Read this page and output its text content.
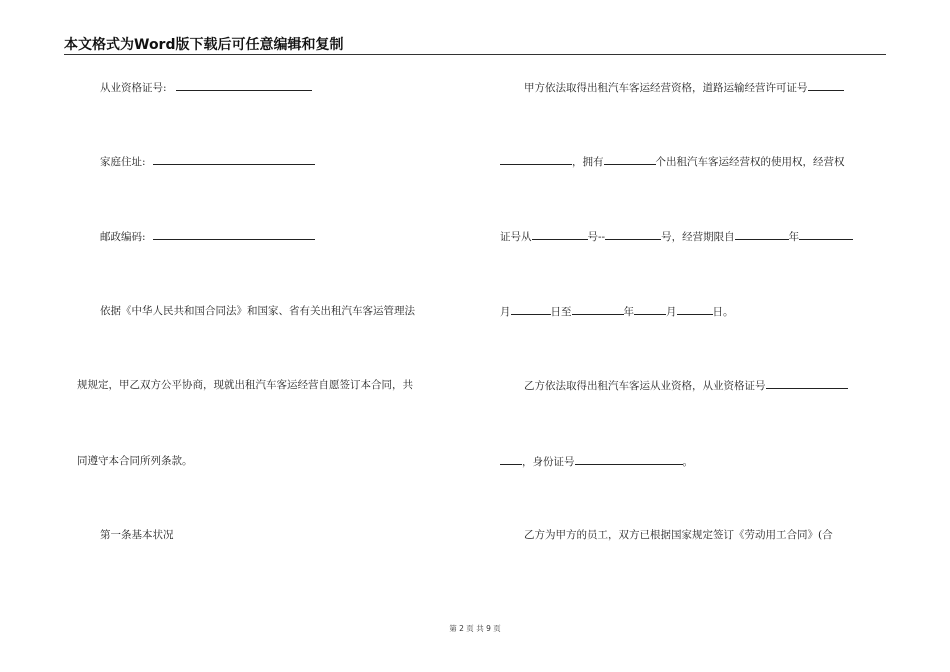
本文格式为Word版下载后可任意编辑和复制
从业资格证号:
家庭住址:
邮政编码:
依据《中华人民共和国合同法》和国家、省有关出租汽车客运管理法
规规定，甲乙双方公平协商，现就出租汽车客运经营自愿签订本合同，共
同遵守本合同所列条款。
第一条基本状况
甲方依法取得出租汽车客运经营资格，道路运输经营许可证号
，拥有	个出租汽车客运经营权的使用权，经营权
证号从	号--	号，经营期限自	年
月	日至	年	月	日。
乙方依法取得出租汽车客运从业资格，从业资格证号
，身份证号	。
乙方为甲方的员工，双方已根据国家规定签订《劳动用工合同》(合
第 2 页 共 9 页
